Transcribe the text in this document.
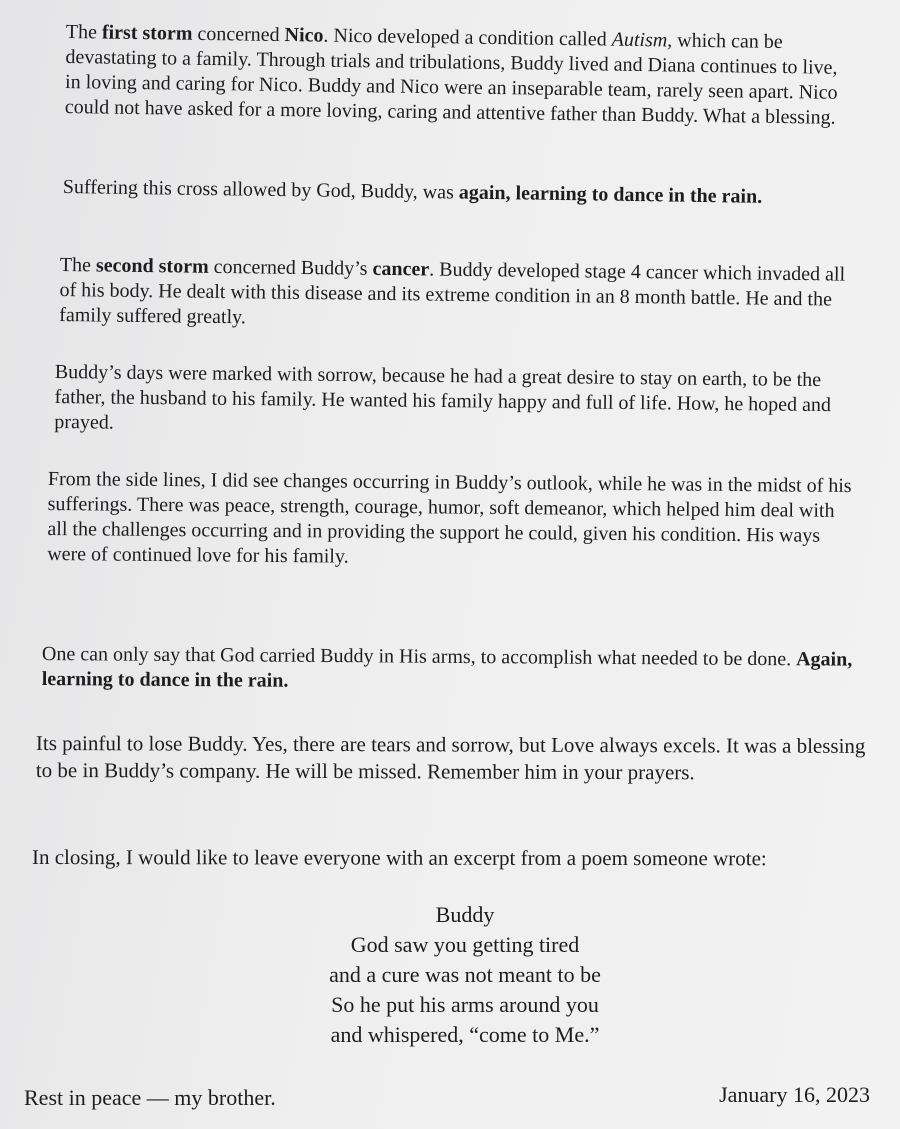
The first storm concerned Nico. Nico developed a condition called Autism, which can be devastating to a family. Through trials and tribulations, Buddy lived and Diana continues to live, in loving and caring for Nico. Buddy and Nico were an inseparable team, rarely seen apart. Nico could not have asked for a more loving, caring and attentive father than Buddy. What a blessing.

Suffering this cross allowed by God, Buddy, was again, learning to dance in the rain.

The second storm concerned Buddy’s cancer. Buddy developed stage 4 cancer which invaded all of his body. He dealt with this disease and its extreme condition in an 8 month battle. He and the family suffered greatly.

Buddy’s days were marked with sorrow, because he had a great desire to stay on earth, to be the father, the husband to his family. He wanted his family happy and full of life. How, he hoped and prayed.

From the side lines, I did see changes occurring in Buddy’s outlook, while he was in the midst of his sufferings. There was peace, strength, courage, humor, soft demeanor, which helped him deal with all the challenges occurring and in providing the support he could, given his condition. His ways were of continued love for his family.

One can only say that God carried Buddy in His arms, to accomplish what needed to be done. Again, learning to dance in the rain.

Its painful to lose Buddy. Yes, there are tears and sorrow, but Love always excels. It was a blessing to be in Buddy’s company. He will be missed. Remember him in your prayers.

In closing, I would like to leave everyone with an excerpt from a poem someone wrote:

Buddy
God saw you getting tired
and a cure was not meant to be
So he put his arms around you
and whispered, “come to Me.”
Rest in peace — my brother.	January 16, 2023
